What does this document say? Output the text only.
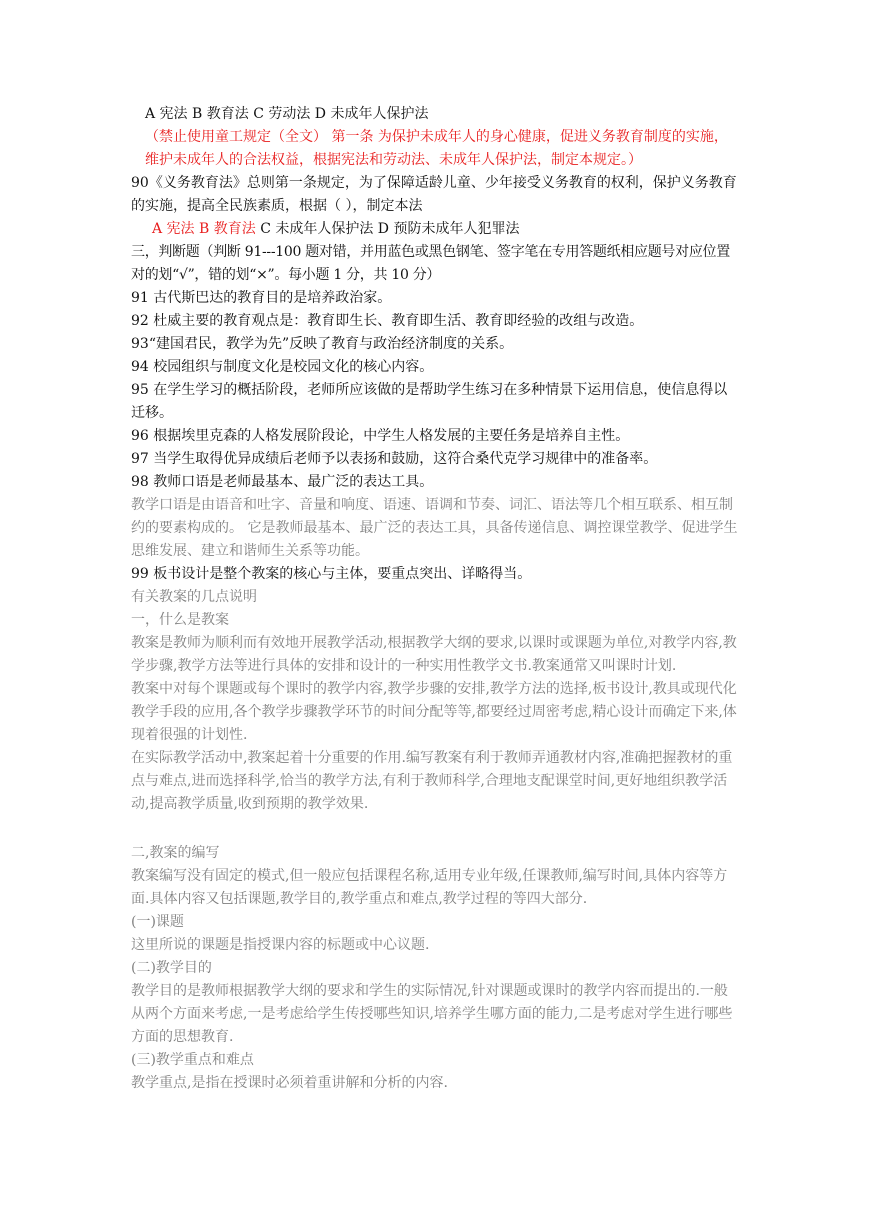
A 宪法 B 教育法 C 劳动法 D 未成年人保护法

（禁止使用童工规定（全文） 第一条 为保护未成年人的身心健康，促进义务教育制度的实施，维护未成年人的合法权益，根据宪法和劳动法、未成年人保护法，制定本规定。）

90《义务教育法》总则第一条规定，为了保障适龄儿童、少年接受义务教育的权利，保护义务教育的实施，提高全民族素质，根据（ ），制定本法

A 宪法 B 教育法 C 未成年人保护法 D 预防未成年人犯罪法

三，判断题（判断 91---100 题对错，并用蓝色或黑色钢笔、签字笔在专用答题纸相应题号对应位置对的划“√”，错的划“×”。每小题 1 分，共 10 分）

91 古代斯巴达的教育目的是培养政治家。

92 杜威主要的教育观点是：教育即生长、教育即生活、教育即经验的改组与改造。

93“建国君民，教学为先”反映了教育与政治经济制度的关系。

94 校园组织与制度文化是校园文化的核心内容。

95 在学生学习的概括阶段，老师所应该做的是帮助学生练习在多种情景下运用信息，使信息得以迁移。

96 根据埃里克森的人格发展阶段论，中学生人格发展的主要任务是培养自主性。

97 当学生取得优异成绩后老师予以表扬和鼓励，这符合桑代克学习规律中的准备率。

98 教师口语是老师最基本、最广泛的表达工具。

教学口语是由语音和吐字、音量和响度、语速、语调和节奏、词汇、语法等几个相互联系、相互制约的要素构成的。 它是教师最基本、最广泛的表达工具，具备传递信息、调控课堂教学、促进学生思维发展、建立和谐师生关系等功能。

99 板书设计是整个教案的核心与主体，要重点突出、详略得当。

有关教案的几点说明

一，什么是教案

教案是教师为顺利而有效地开展教学活动,根据教学大纲的要求,以课时或课题为单位,对教学内容,教学步骤,教学方法等进行具体的安排和设计的一种实用性教学文书.教案通常又叫课时计划.

教案中对每个课题或每个课时的教学内容,教学步骤的安排,教学方法的选择,板书设计,教具或现代化教学手段的应用,各个教学步骤教学环节的时间分配等等,都要经过周密考虑,精心设计而确定下来,体现着很强的计划性.

在实际教学活动中,教案起着十分重要的作用.编写教案有利于教师弄通教材内容,准确把握教材的重点与难点,进而选择科学,恰当的教学方法,有利于教师科学,合理地支配课堂时间,更好地组织教学活动,提高教学质量,收到预期的教学效果.

二,教案的编写

教案编写没有固定的模式,但一般应包括课程名称,适用专业年级,任课教师,编写时间,具体内容等方面.具体内容又包括课题,教学目的,教学重点和难点,教学过程的等四大部分.

(一)课题

这里所说的课题是指授课内容的标题或中心议题.

(二)教学目的

教学目的是教师根据教学大纲的要求和学生的实际情况,针对课题或课时的教学内容而提出的.一般从两个方面来考虑,一是考虑给学生传授哪些知识,培养学生哪方面的能力,二是考虑对学生进行哪些方面的思想教育.

(三)教学重点和难点

教学重点,是指在授课时必须着重讲解和分析的内容.
